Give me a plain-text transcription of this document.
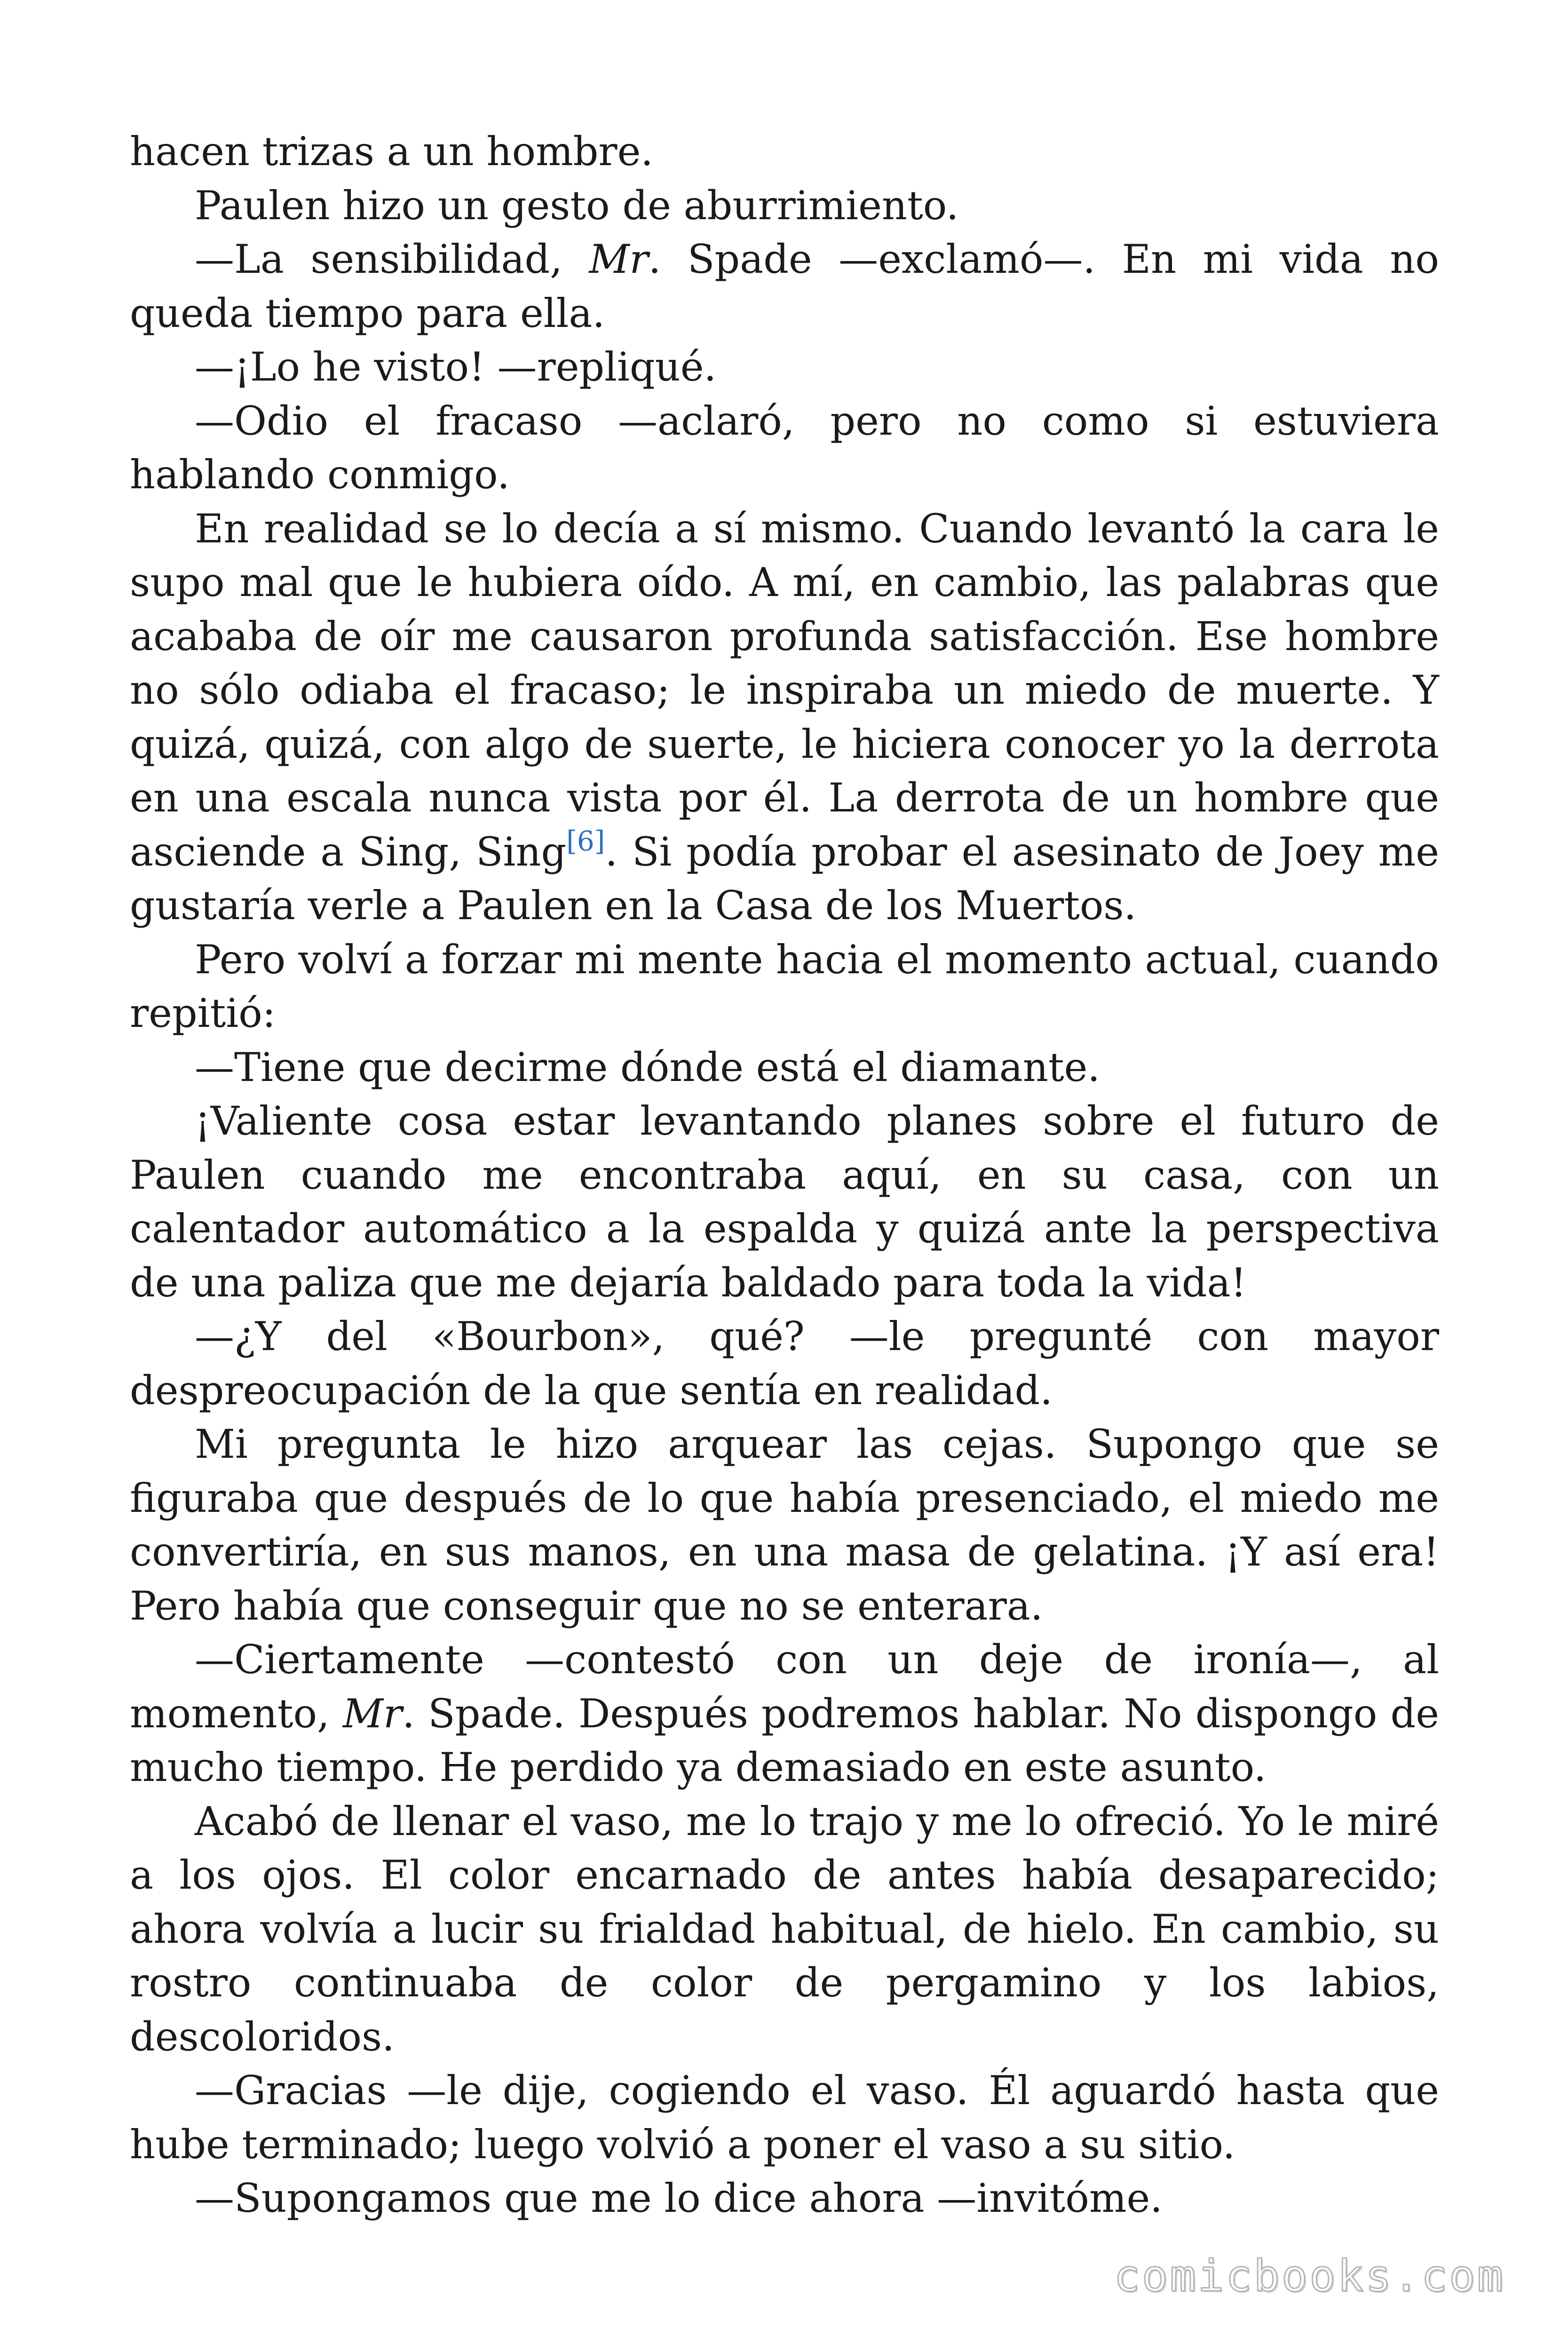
hacen trizas a un hombre.

Paulen hizo un gesto de aburrimiento.

—La sensibilidad, Mr. Spade —exclamó—. En mi vida no queda tiempo para ella.

—¡Lo he visto! —repliqué.

—Odio el fracaso —aclaró, pero no como si estuviera hablando conmigo.

En realidad se lo decía a sí mismo. Cuando levantó la cara le supo mal que le hubiera oído. A mí, en cambio, las palabras que acababa de oír me causaron profunda satisfacción. Ese hombre no sólo odiaba el fracaso; le inspiraba un miedo de muerte. Y quizá, quizá, con algo de suerte, le hiciera conocer yo la derrota en una escala nunca vista por él. La derrota de un hombre que asciende a Sing, Sing[6]. Si podía probar el asesinato de Joey me gustaría verle a Paulen en la Casa de los Muertos.

Pero volví a forzar mi mente hacia el momento actual, cuando repitió:

—Tiene que decirme dónde está el diamante.

¡Valiente cosa estar levantando planes sobre el futuro de Paulen cuando me encontraba aquí, en su casa, con un calentador automático a la espalda y quizá ante la perspectiva de una paliza que me dejaría baldado para toda la vida!

—¿Y del «Bourbon», qué? —le pregunté con mayor despreocupación de la que sentía en realidad.

Mi pregunta le hizo arquear las cejas. Supongo que se figuraba que después de lo que había presenciado, el miedo me convertiría, en sus manos, en una masa de gelatina. ¡Y así era! Pero había que conseguir que no se enterara.

—Ciertamente —contestó con un deje de ironía—, al momento, Mr. Spade. Después podremos hablar. No dispongo de mucho tiempo. He perdido ya demasiado en este asunto.

Acabó de llenar el vaso, me lo trajo y me lo ofreció. Yo le miré a los ojos. El color encarnado de antes había desaparecido; ahora volvía a lucir su frialdad habitual, de hielo. En cambio, su rostro continuaba de color de pergamino y los labios, descoloridos.

—Gracias —le dije, cogiendo el vaso. Él aguardó hasta que hube terminado; luego volvió a poner el vaso a su sitio.

—Supongamos que me lo dice ahora —invitóme.

comicbooks.com
